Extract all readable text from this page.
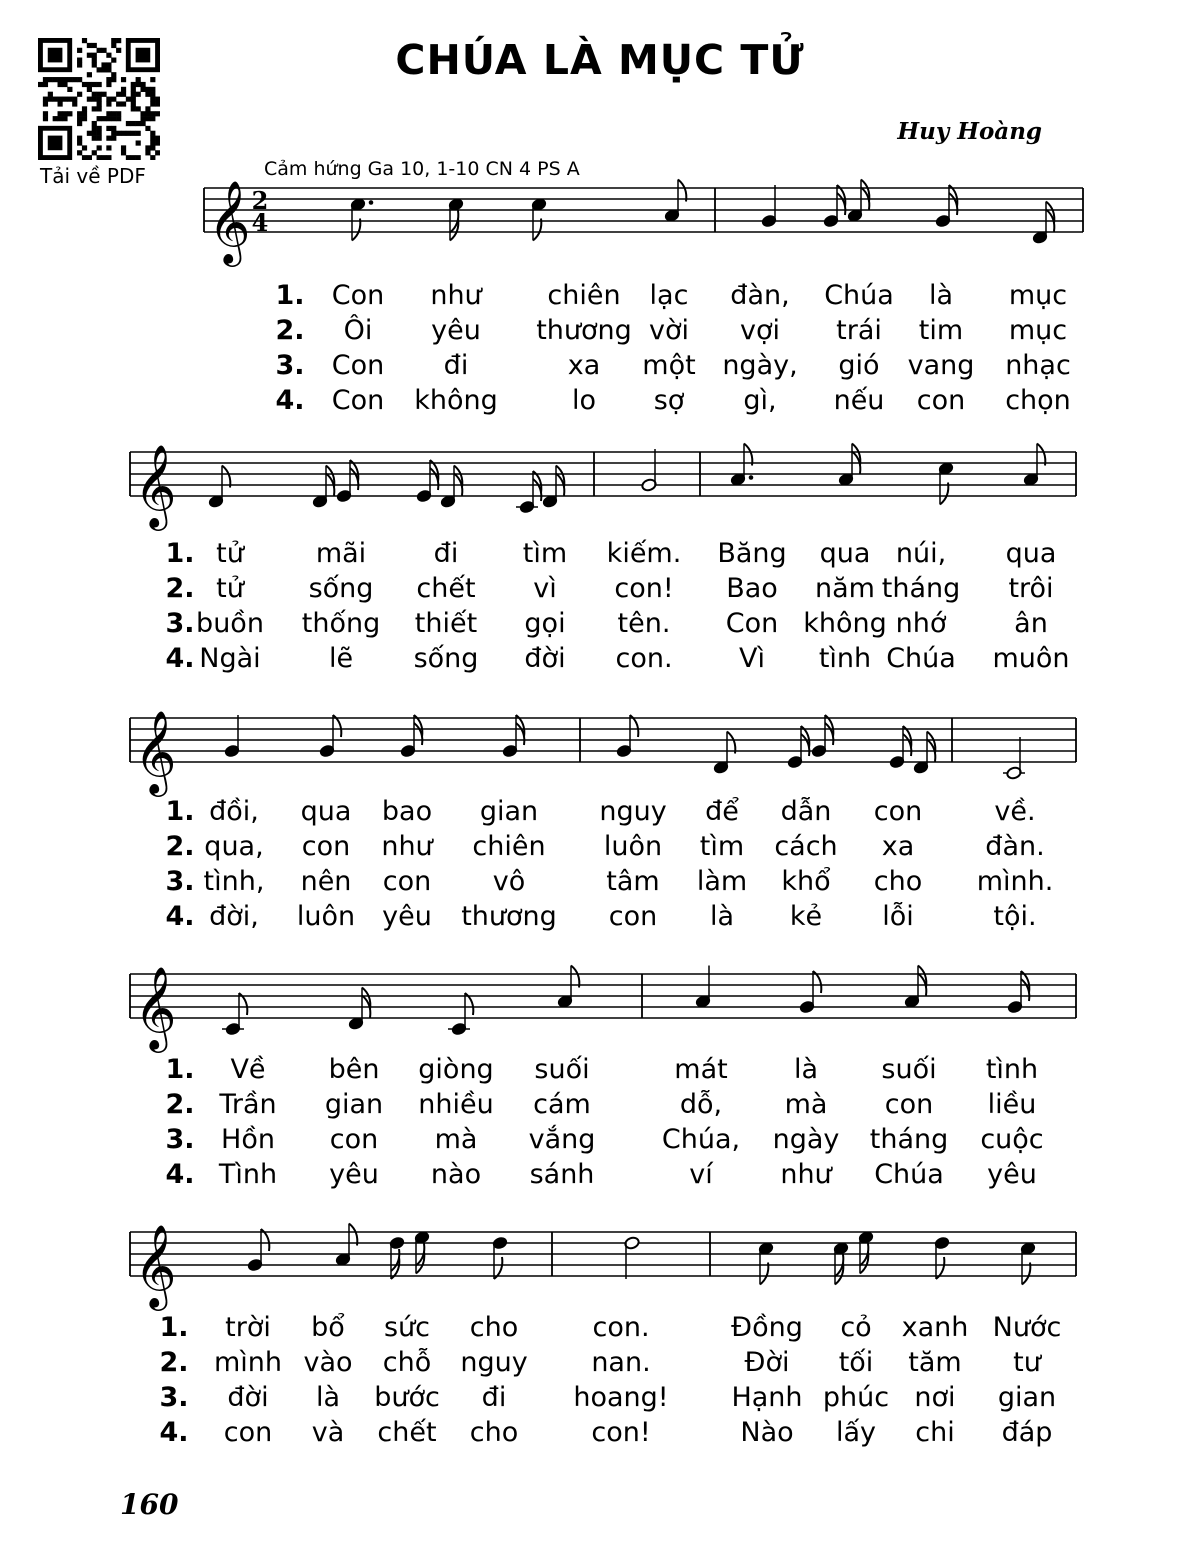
Tải về PDF
CHÚA LÀ MỤC TỬ
Huy Hoàng
Cảm hứng Ga 10, 1-10 CN 4 PS A
𝄞 2
4
𝄞
𝄞
𝄞
𝄞
1. Con như chiên lạc đàn, Chúa là mục
2. Ôi yêu thương vời vợi trái tim mục
3. Con đi	xa một ngày, gió vang nhạc
4. Con không	lo sợ gì, nếu con chọn
1. tử	mãi	đi tìm kiếm. Băng qua núi, qua
2. tử sống chết vì con! Bao năm tháng trôi
3. buồn thống thiết gọi tên. Con không nhớ	ân
4. Ngài	lẽ sống đời con. Vì tình Chúa muôn
1. đồi, qua bao gian nguy để dẫn con	về.
2. qua, con như chiên luôn tìm cách xa	đàn.
3. tình, nên con vô	tâm làm khổ cho mình.
4. đời, luôn yêu thương con là kẻ lỗi	tội.
1. Về bên giòng suối	mát là suối tình
2. Trần gian nhiều cám	dỗ, mà con liều
3. Hồn con mà vắng Chúa, ngày tháng cuộc
4. Tình yêu nào sánh	ví	như Chúa yêu
1. trời bổ sức cho	con.	Đồng cỏ xanh Nước
2. mình vào chỗ nguy nan.	Đời tối tăm tư
3. đời là bước đi hoang! Hạnh phúc nơi gian
4. con và chết cho	con!	Nào lấy chi đáp
160
